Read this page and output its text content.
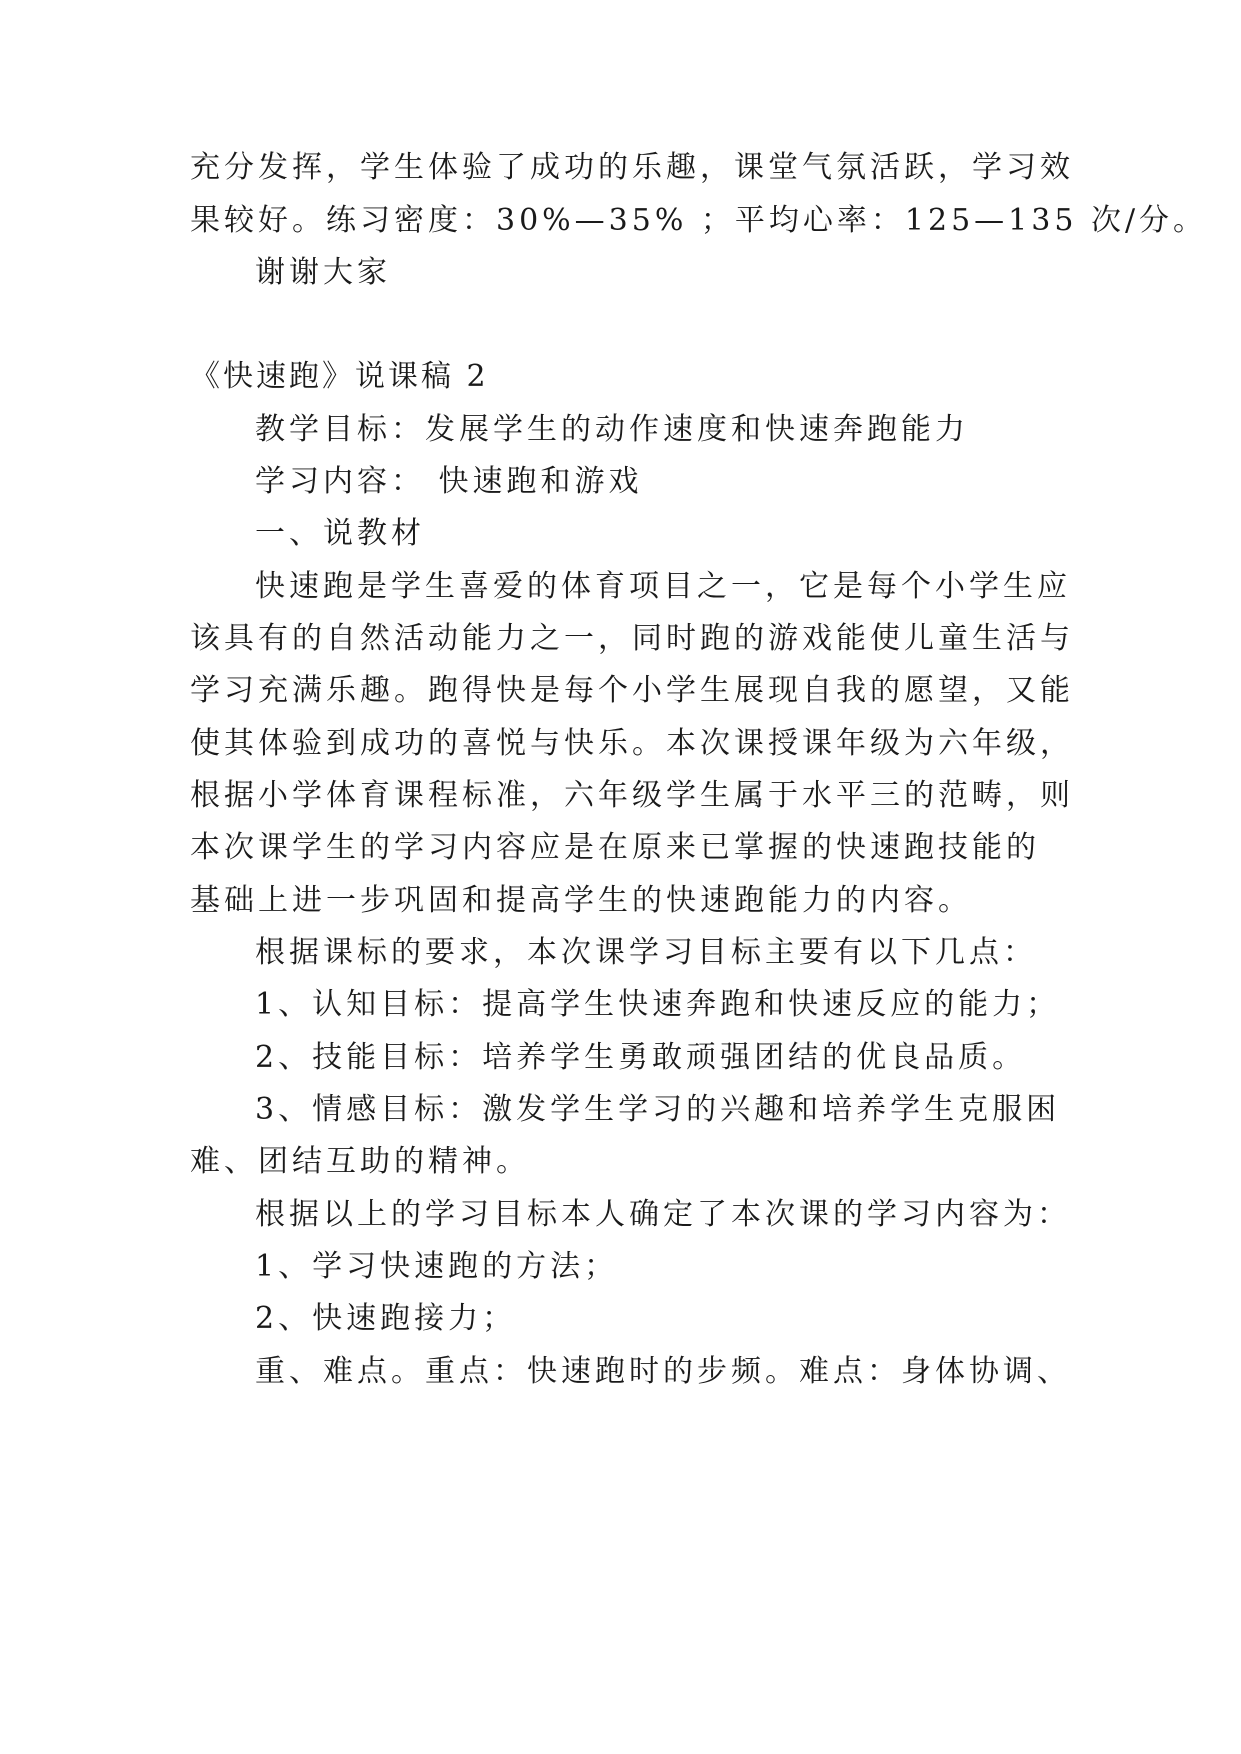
充分发挥，学生体验了成功的乐趣，课堂气氛活跃，学习效
果较好。练习密度：30%—35% ；平均心率：125—135 次/分。
谢谢大家
《快速跑》说课稿 2
教学目标：发展学生的动作速度和快速奔跑能力
学习内容： 快速跑和游戏
一、说教材
快速跑是学生喜爱的体育项目之一，它是每个小学生应
该具有的自然活动能力之一，同时跑的游戏能使儿童生活与
学习充满乐趣。跑得快是每个小学生展现自我的愿望，又能
使其体验到成功的喜悦与快乐。本次课授课年级为六年级，
根据小学体育课程标准，六年级学生属于水平三的范畴，则
本次课学生的学习内容应是在原来已掌握的快速跑技能的
基础上进一步巩固和提高学生的快速跑能力的内容。
根据课标的要求，本次课学习目标主要有以下几点：
1、认知目标：提高学生快速奔跑和快速反应的能力；
2、技能目标：培养学生勇敢顽强团结的优良品质。
3、情感目标：激发学生学习的兴趣和培养学生克服困
难、团结互助的精神。
根据以上的学习目标本人确定了本次课的学习内容为：
1、学习快速跑的方法；
2、快速跑接力；
重、难点。重点：快速跑时的步频。难点：身体协调、
